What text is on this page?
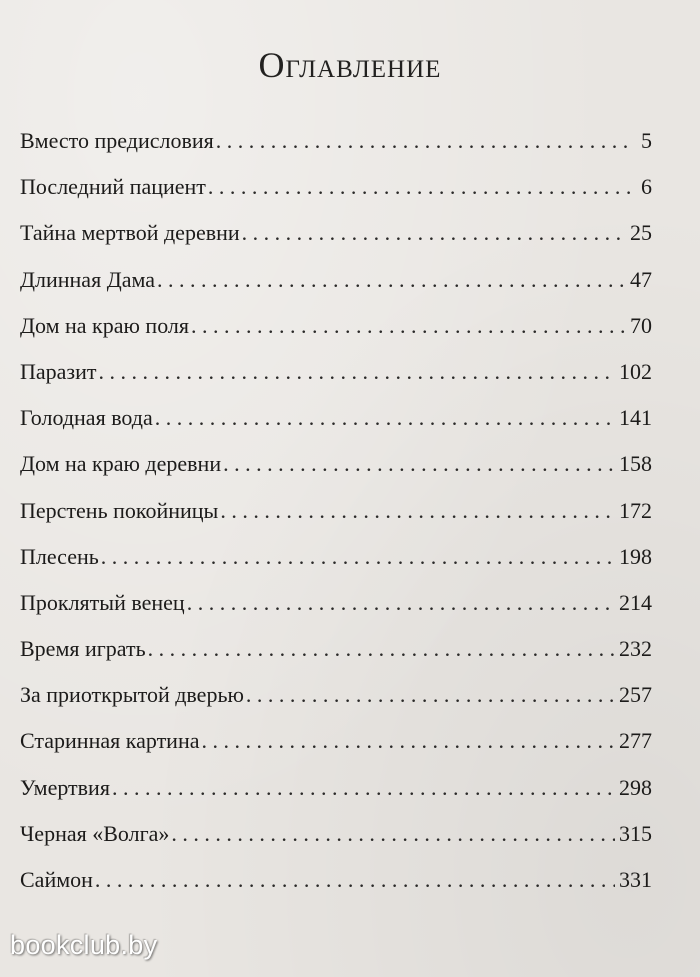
Оглавление
Вместо предисловия . . .	5
Последний пациент . . .	6
Тайна мертвой деревни . . .	25
Длинная Дама . . .	47
Дом на краю поля . . .	70
Паразит . . .	102
Голодная вода . . .	141
Дом на краю деревни . . .	158
Перстень покойницы . . .	172
Плесень . . .	198
Проклятый венец . . .	214
Время играть . . .	232
За приоткрытой дверью . . .	257
Старинная картина . . .	277
Умертвия . . .	298
Черная «Волга» . . .	315
Саймон . . .	331
bookclub.by
